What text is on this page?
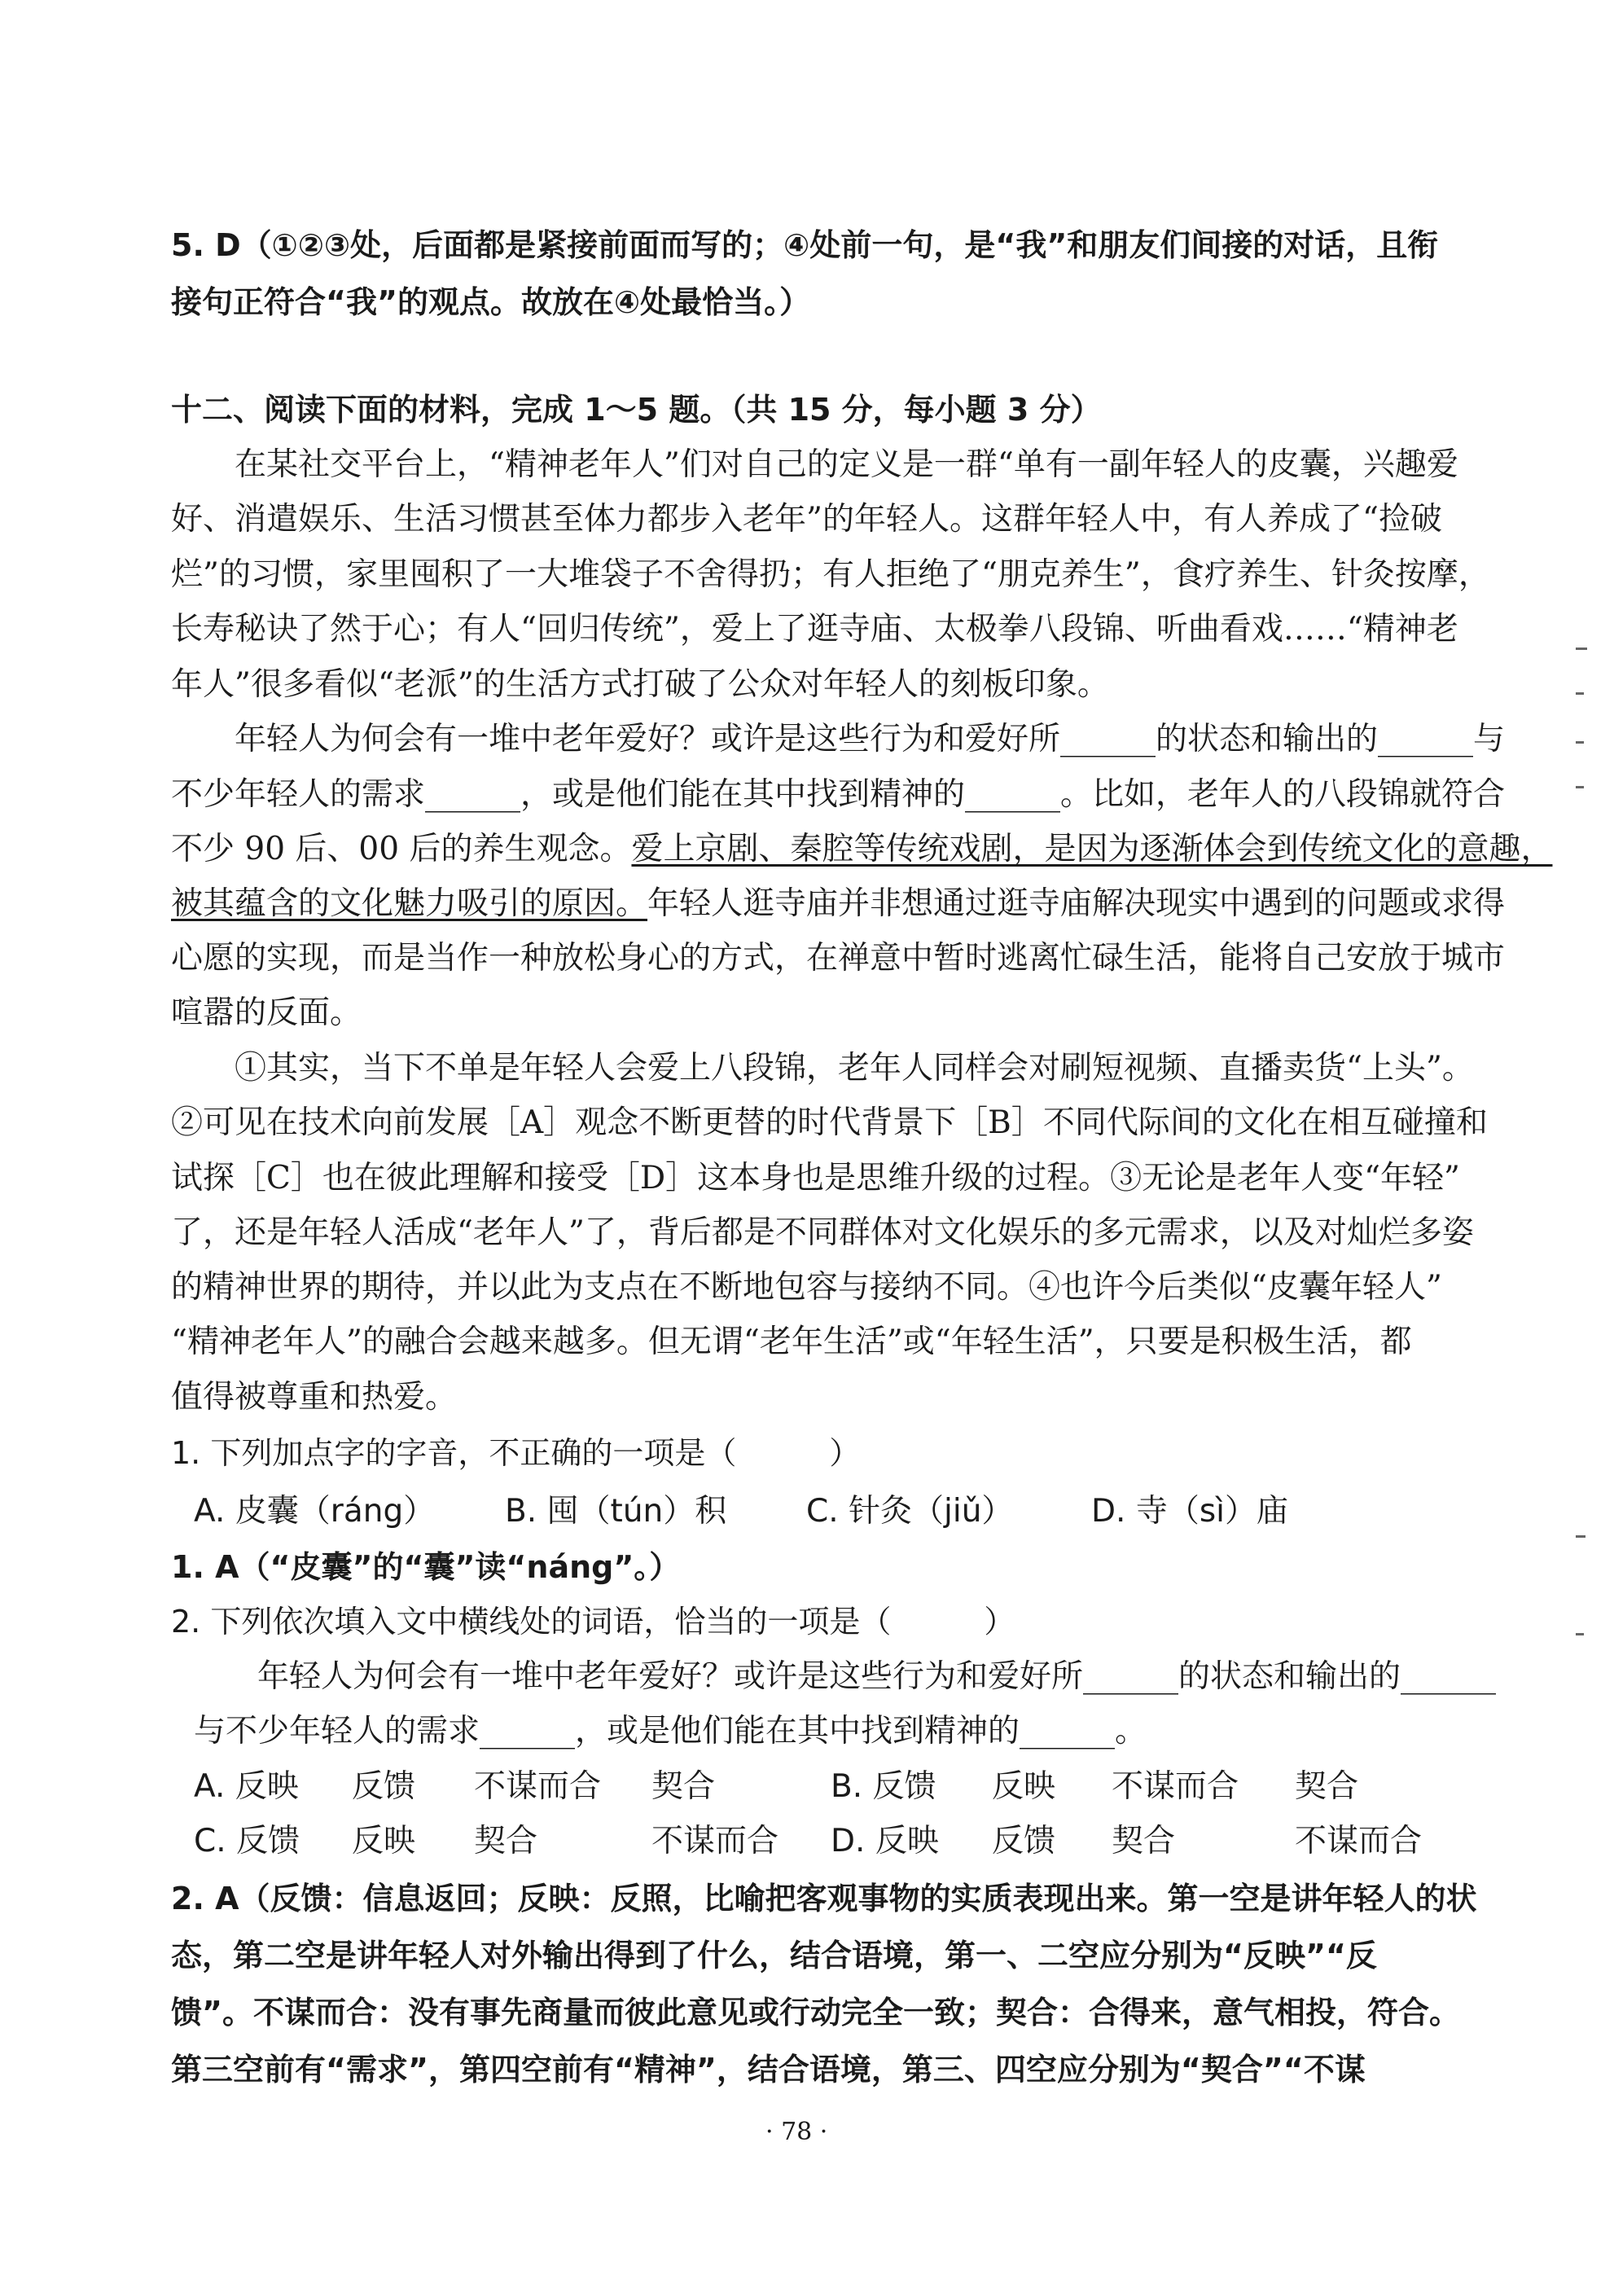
5. D（①②③处，后面都是紧接前面而写的；④处前一句，是“我”和朋友们间接的对话，且衔
接句正符合“我”的观点。故放在④处最恰当。）
十二、阅读下面的材料，完成 1～5 题。（共 15 分，每小题 3 分）
　　在某社交平台上，“精神老年人”们对自己的定义是一群“单有一副年轻人的皮囊，兴趣爱
好、消遣娱乐、生活习惯甚至体力都步入老年”的年轻人。这群年轻人中，有人养成了“捡破
烂”的习惯，家里囤积了一大堆袋子不舍得扔；有人拒绝了“朋克养生”，食疗养生、针灸按摩，
长寿秘诀了然于心；有人“回归传统”，爱上了逛寺庙、太极拳八段锦、听曲看戏……“精神老
年人”很多看似“老派”的生活方式打破了公众对年轻人的刻板印象。
　　年轻人为何会有一堆中老年爱好？或许是这些行为和爱好所______的状态和输出的______与
不少年轻人的需求______，或是他们能在其中找到精神的______。比如，老年人的八段锦就符合
不少 90 后、00 后的养生观念。爱上京剧、秦腔等传统戏剧，是因为逐渐体会到传统文化的意趣，
被其蕴含的文化魅力吸引的原因。年轻人逛寺庙并非想通过逛寺庙解决现实中遇到的问题或求得
心愿的实现，而是当作一种放松身心的方式，在禅意中暂时逃离忙碌生活，能将自己安放于城市
喧嚣的反面。
　　①其实，当下不单是年轻人会爱上八段锦，老年人同样会对刷短视频、直播卖货“上头”。
②可见在技术向前发展［A］观念不断更替的时代背景下［B］不同代际间的文化在相互碰撞和
试探［C］也在彼此理解和接受［D］这本身也是思维升级的过程。③无论是老年人变“年轻”
了，还是年轻人活成“老年人”了，背后都是不同群体对文化娱乐的多元需求，以及对灿烂多姿
的精神世界的期待，并以此为支点在不断地包容与接纳不同。④也许今后类似“皮囊年轻人”
“精神老年人”的融合会越来越多。但无谓“老年生活”或“年轻生活”，只要是积极生活，都
值得被尊重和热爱。
1. 下列加点字的字音，不正确的一项是（　　　）
A. 皮囊（ráng） B. 囤（tún）积	C. 针灸（jiǔ） D. 寺（sì）庙
1. A（“皮囊”的“囊”读“náng”。）
2. 下列依次填入文中横线处的词语，恰当的一项是（　　　）
　　年轻人为何会有一堆中老年爱好？或许是这些行为和爱好所______的状态和输出的______
与不少年轻人的需求______，或是他们能在其中找到精神的______。
A. 反映 反馈 不谋而合 契合	B. 反馈 反映 不谋而合 契合
C. 反馈 反映 契合	不谋而合 D. 反映 反馈 契合	不谋而合
2. A（反馈：信息返回；反映：反照，比喻把客观事物的实质表现出来。第一空是讲年轻人的状
态，第二空是讲年轻人对外输出得到了什么，结合语境，第一、二空应分别为“反映”“反
馈”。不谋而合：没有事先商量而彼此意见或行动完全一致；契合：合得来，意气相投，符合。
第三空前有“需求”，第四空前有“精神”，结合语境，第三、四空应分别为“契合”“不谋
· 78 ·
